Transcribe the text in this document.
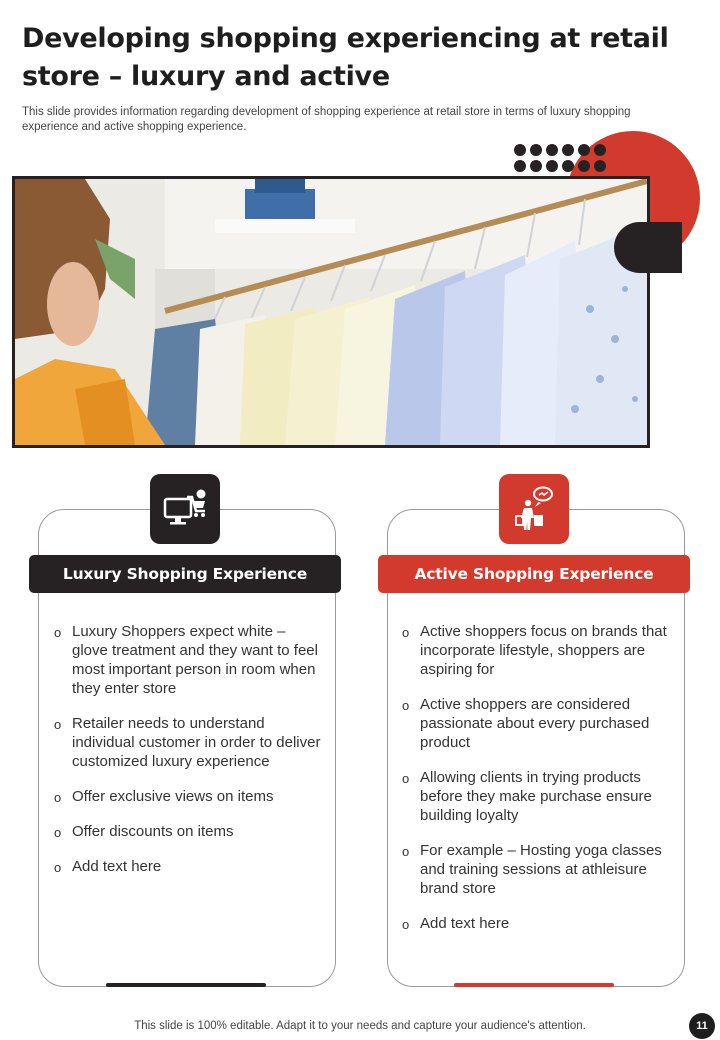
Developing shopping experiencing at retail store – luxury and active
This slide provides information regarding development of shopping experience at retail store in terms of luxury shopping experience and active shopping experience.
Luxury Shopping Experience
o Luxury Shoppers expect white – glove treatment and they want to feel most important person in room when they enter store
o Retailer needs to understand individual customer in order to deliver customized luxury experience
o Offer exclusive views on items
o Offer discounts on items
o Add text here
Active Shopping Experience
o Active shoppers focus on brands that incorporate lifestyle, shoppers are aspiring for
o Active shoppers are considered passionate about every purchased product
o Allowing clients in trying products before they make purchase ensure building loyalty
o For example – Hosting yoga classes and training sessions at athleisure brand store
o Add text here
This slide is 100% editable. Adapt it to your needs and capture your audience's attention.	11
